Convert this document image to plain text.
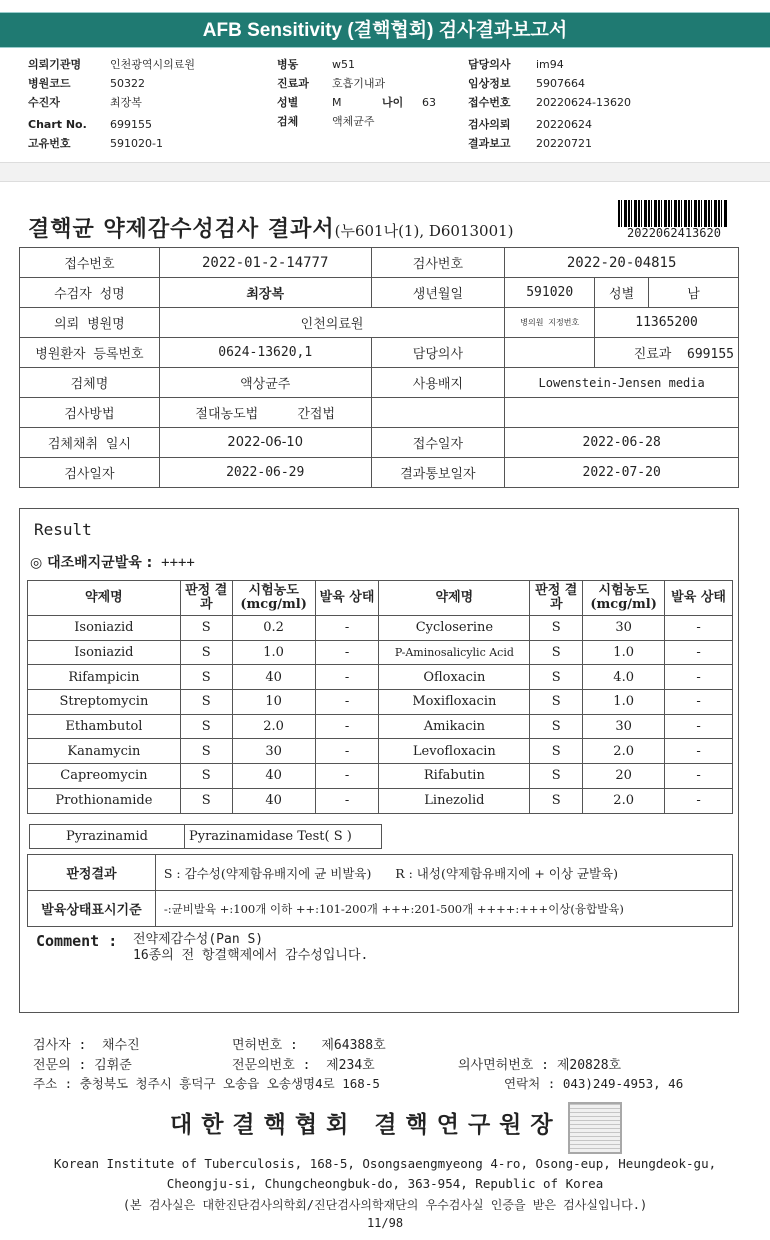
AFB Sensitivity (결핵협회) 검사결과보고서
의뢰기관명	인천광역시의료원
병원코드	50322
수진자	최장복
Chart No. 699155
고유번호	591020-1
병동	w51
진료과 호흡기내과
성별	M	나이 63
검체	액체균주
담당의사 im94
임상정보 5907664
접수번호 20220624-13620
검사의뢰 20220624
결과보고 20220721
결핵균 약제감수성검사 결과서(누601나(1), D6013001)	2022062413620
접수번호	2022-01-2-14777	검사번호	2022-20-04815		
수검자 성명	최장복	생년월일	591020	성별	남
의뢰 병원명	인천의료원		병의원 지정번호	11365200	
병원환자 등록번호	0624-13620,1	담당의사		진료과 699155	
검체명	액상균주	사용배지	Lowenstein-Jensen media		
검사방법	절대농도법 간접법				
검체채취 일시	2022-06-10	접수일자	2022-06-28		
검사일자	2022-06-29	결과통보일자	2022-07-20		
Result
◎ 대조배지균발육 : ++++
약제명	판정 결과	시험농도 (mcg/ml)	발육 상태	약제명	판정 결과	시험농도 (mcg/ml)	발육 상태
Isoniazid	S	0.2	-	Cycloserine	S	30	-
Isoniazid	S	1.0	-	P-Aminosalicylic Acid	S	1.0	-
Rifampicin	S	40	-	Ofloxacin	S	4.0	-
Streptomycin	S	10	-	Moxifloxacin	S	1.0	-
Ethambutol	S	2.0	-	Amikacin	S	30	-
Kanamycin	S	30	-	Levofloxacin	S	2.0	-
Capreomycin	S	40	-	Rifabutin	S	20	-
Prothionamide	S	40	-	Linezolid	S	2.0	-
Pyrazinamid	Pyrazinamidase Test( S )
판정결과	S : 감수성(약제함유배지에 균 비발육) R : 내성(약제함유배지에 + 이상 균발육)
발육상태표시기준	-:균비발육 +:100개 이하 ++:101-200개 +++:201-500개 ++++:+++이상(융합발육)
Comment : 전약제감수성(Pan S)
16종의 전 항결핵제에서 감수성입니다.
검사자 : 채수진	면허번호 : 제64388호
전문의 : 김휘준	전문의번호 : 제234호	의사면허번호 : 제20828호
주소 : 충청북도 청주시 흥덕구 오송읍 오송생명4로 168-5	연락처 : 043)249-4953, 46
대한결핵협회 결핵연구원장
Korean Institute of Tuberculosis, 168-5, Osongsaengmyeong 4-ro, Osong-eup, Heungdeok-gu,
Cheongju-si, Chungcheongbuk-do, 363-954, Republic of Korea
(본 검사실은 대한진단검사의학회/진단검사의학재단의 우수검사실 인증을 받은 검사실입니다.)
11/98
